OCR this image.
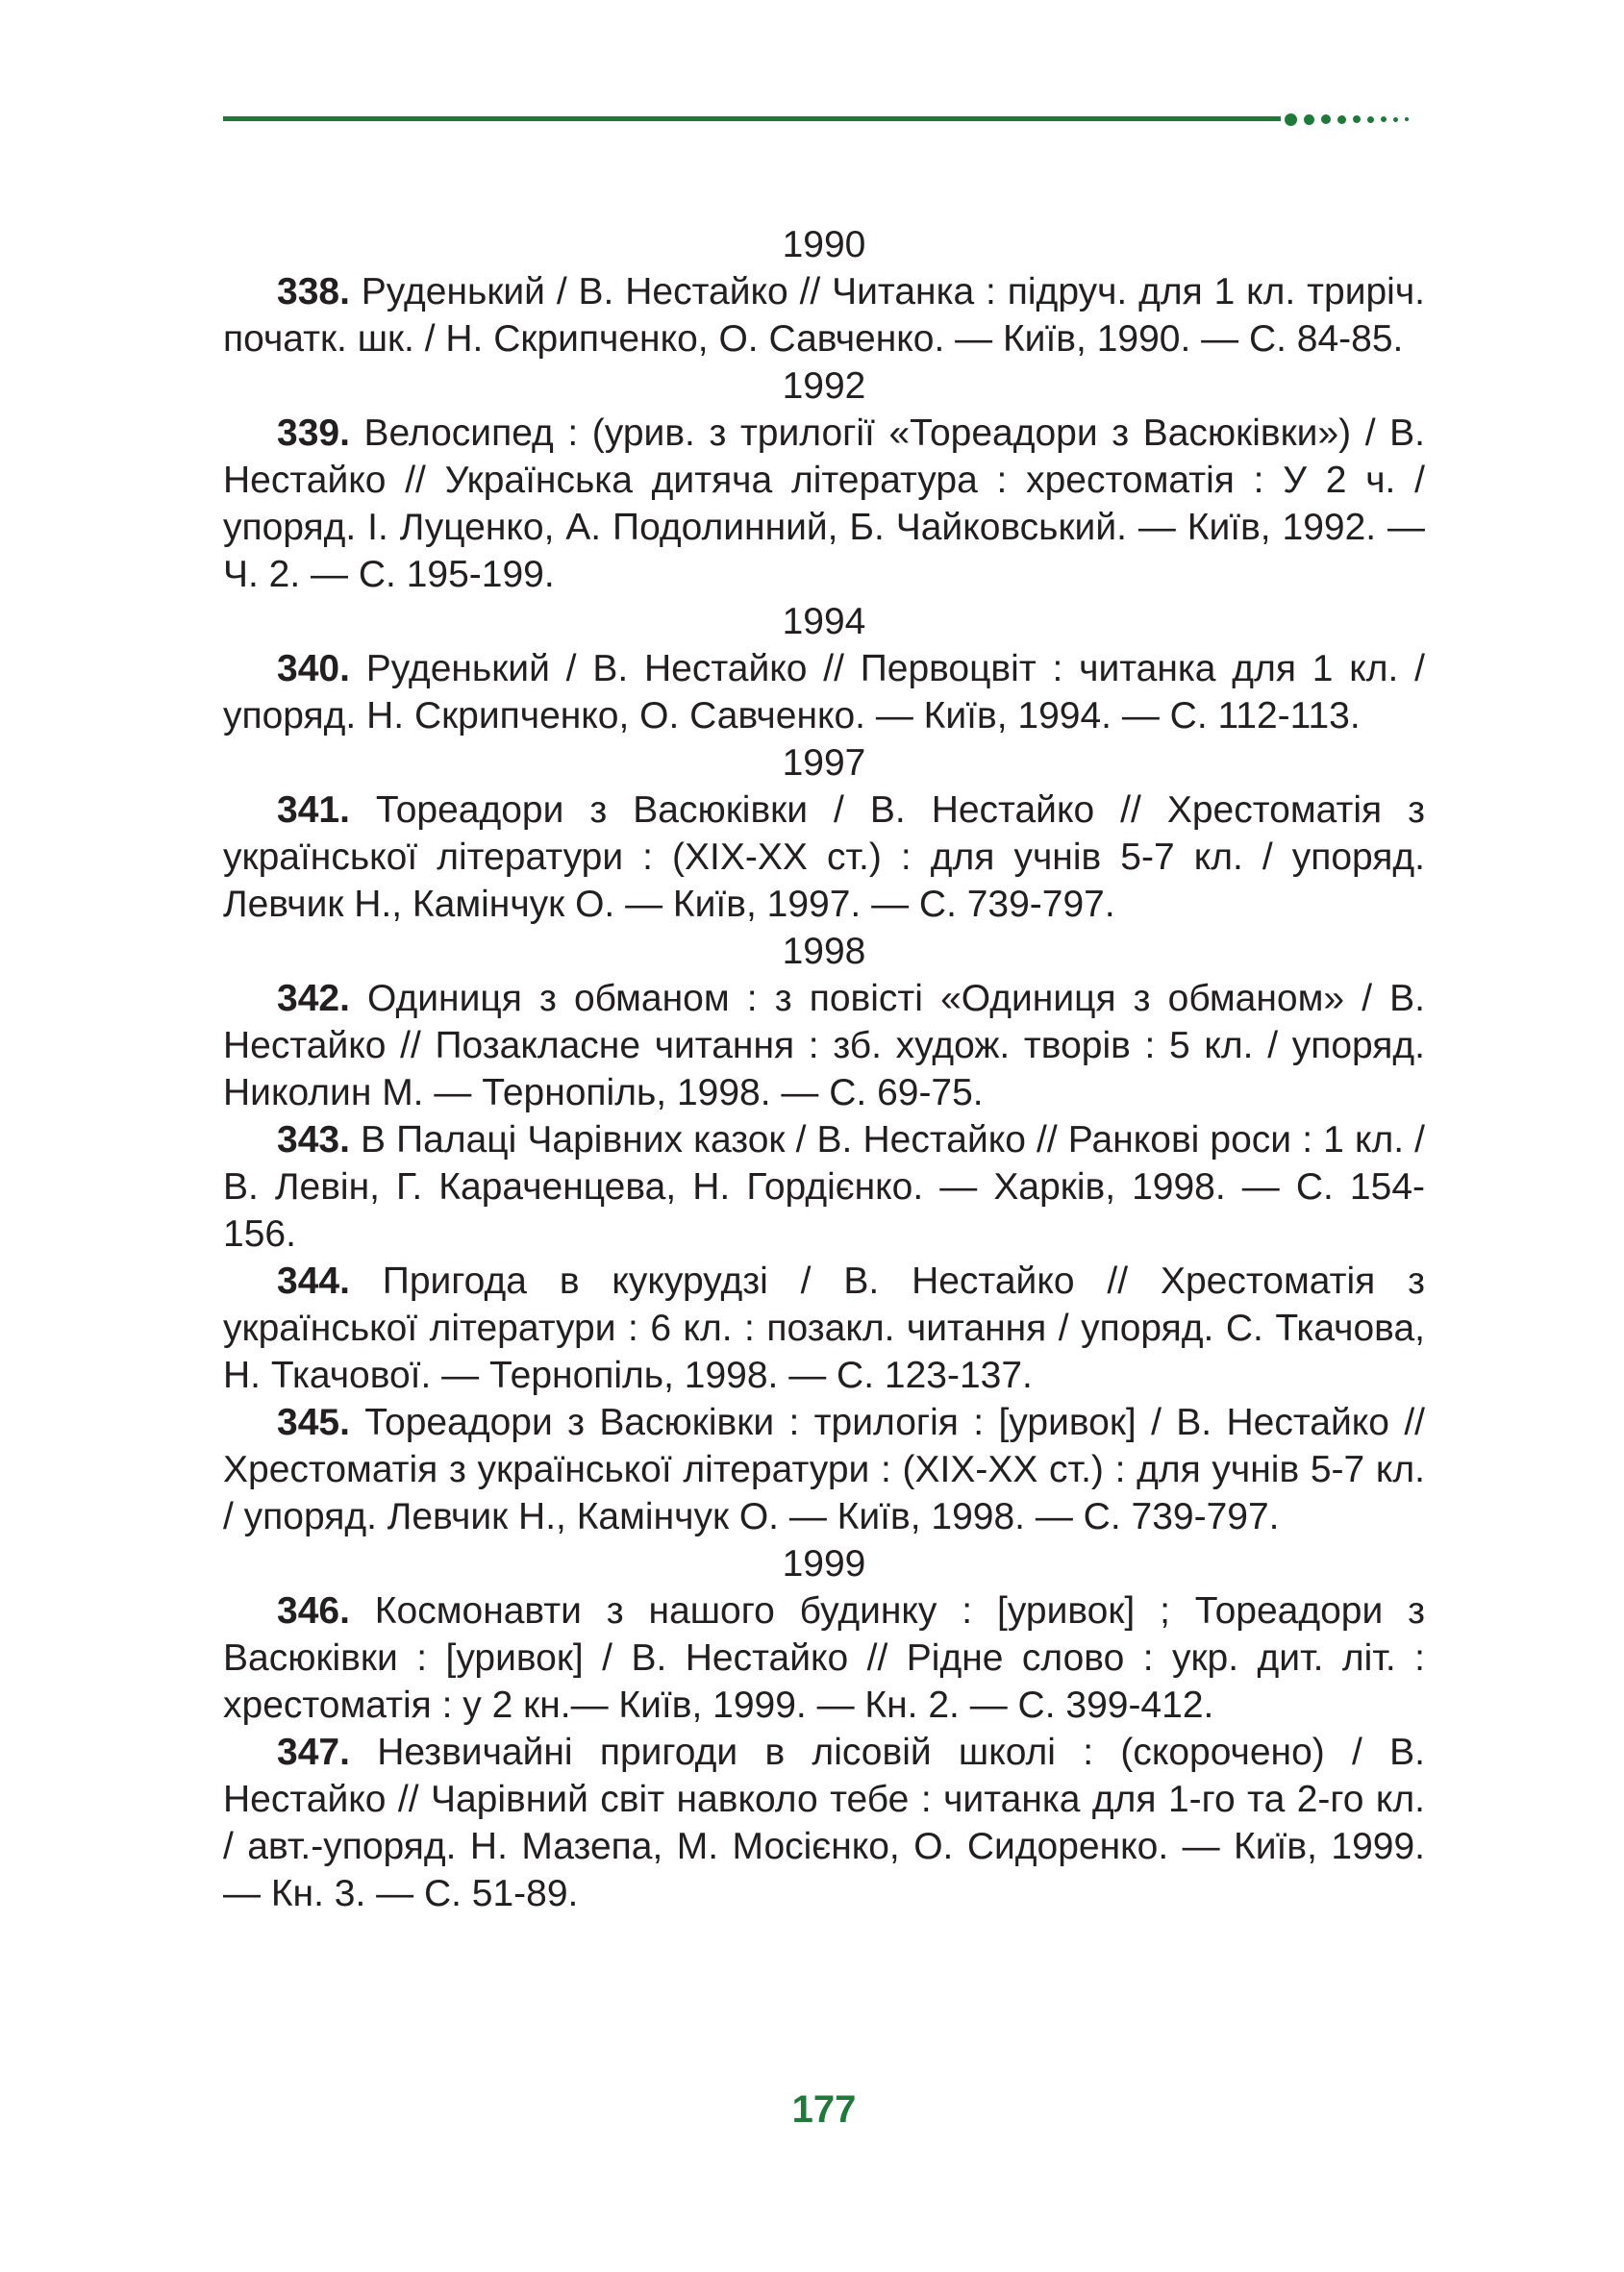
1990

338. Руденький / В. Нестайко // Читанка : підруч. для 1 кл. триріч. початк. шк. / Н. Скрипченко, О. Савченко. — Київ, 1990. — С. 84-85.

1992

339. Велосипед : (урив. з трилогії «Тореадори з Васюківки») / В. Нестайко // Українська дитяча література : хрестоматія : У 2 ч. / упоряд. І. Луценко, А. Подолинний, Б. Чайковський. — Київ, 1992. — Ч. 2. — С. 195-199.

1994

340. Руденький / В. Нестайко // Первоцвіт : читанка для 1 кл. / упоряд. Н. Скрипченко, О. Савченко. — Київ, 1994. — С. 112-113.

1997

341. Тореадори з Васюківки / В. Нестайко // Хрестоматія з української літератури : (XIX-XX ст.) : для учнів 5-7 кл. / упоряд. Левчик Н., Камінчук О. — Київ, 1997. — С. 739-797.

1998

342. Одиниця з обманом : з повісті «Одиниця з обманом» / В. Нестайко // Позакласне читання : зб. худож. творів : 5 кл. / упоряд. Николин М. — Тернопіль, 1998. — С. 69-75.

343. В Палаці Чарівних казок / В. Нестайко // Ранкові роси : 1 кл. / В. Левін, Г. Караченцева, Н. Гордієнко. — Харків, 1998. — С. 154-156.

344. Пригода в кукурудзі / В. Нестайко // Хрестоматія з української літератури : 6 кл. : позакл. читання / упоряд. С. Ткачова, Н. Ткачової. — Тернопіль, 1998. — С. 123-137.

345. Тореадори з Васюківки : трилогія : [уривок] / В. Нестайко // Хрестоматія з української літератури : (XIX-XX ст.) : для учнів 5-7 кл. / упоряд. Левчик Н., Камінчук О. — Київ, 1998. — С. 739-797.

1999

346. Космонавти з нашого будинку : [уривок] ; Тореадори з Васюківки : [уривок] / В. Нестайко // Рідне слово : укр. дит. літ. : хрестоматія : у 2 кн.— Київ, 1999. — Кн. 2. — С. 399-412.

347. Незвичайні пригоди в лісовій школі : (скорочено) / В. Нестайко // Чарівний світ навколо тебе : читанка для 1-го та 2-го кл. / авт.-упоряд. Н. Мазепа, М. Мосієнко, О. Сидоренко. — Київ, 1999. — Кн. 3. — С. 51-89.

177
